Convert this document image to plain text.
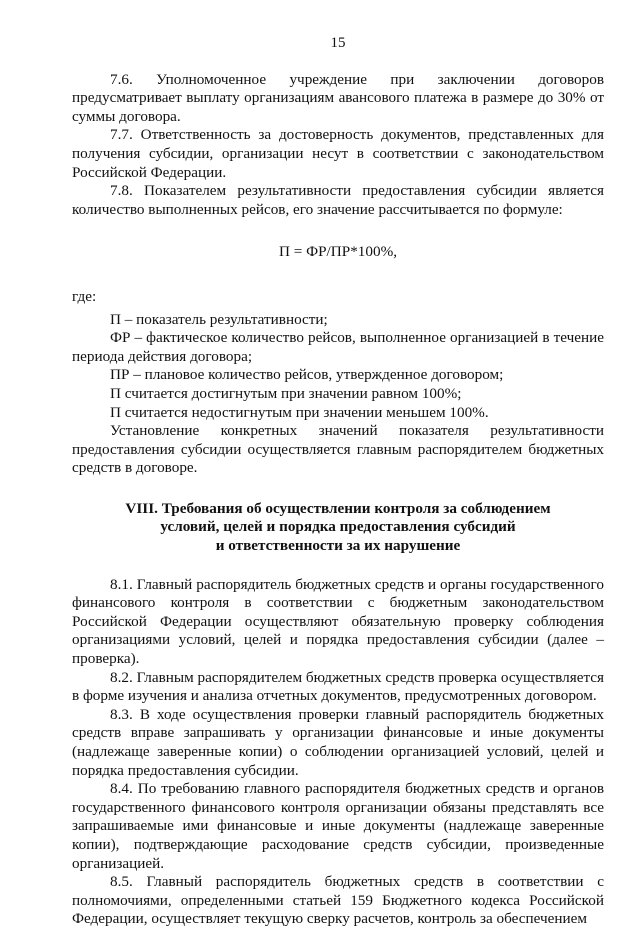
15

7.6. Уполномоченное учреждение при заключении договоров предусматривает выплату организациям авансового платежа в размере до 30% от суммы договора.

7.7. Ответственность за достоверность документов, представленных для получения субсидии, организации несут в соответствии с законодательством Российской Федерации.

7.8. Показателем результативности предоставления субсидии является количество выполненных рейсов, его значение рассчитывается по формуле:

П = ФР/ПР*100%,

где:

П – показатель результативности;

ФР – фактическое количество рейсов, выполненное организацией в течение периода действия договора;

ПР – плановое количество рейсов, утвержденное договором;

П считается достигнутым при значении равном 100%;

П считается недостигнутым при значении меньшем 100%.

Установление конкретных значений показателя результативности предоставления субсидии осуществляется главным распорядителем бюджетных средств в договоре.

VIII. Требования об осуществлении контроля за соблюдением
условий, целей и порядка предоставления субсидий
и ответственности за их нарушение

8.1. Главный распорядитель бюджетных средств и органы государственного финансового контроля в соответствии с бюджетным законодательством Российской Федерации осуществляют обязательную проверку соблюдения организациями условий, целей и порядка предоставления субсидии (далее – проверка).

8.2. Главным распорядителем бюджетных средств проверка осуществляется в форме изучения и анализа отчетных документов, предусмотренных договором.

8.3. В ходе осуществления проверки главный распорядитель бюджетных средств вправе запрашивать у организации финансовые и иные документы (надлежаще заверенные копии) о соблюдении организацией условий, целей и порядка предоставления субсидии.

8.4. По требованию главного распорядителя бюджетных средств и органов государственного финансового контроля организации обязаны представлять все запрашиваемые ими финансовые и иные документы (надлежаще заверенные копии), подтверждающие расходование средств субсидии, произведенные организацией.

8.5. Главный распорядитель бюджетных средств в соответствии с полномочиями, определенными статьей 159 Бюджетного кодекса Российской Федерации, осуществляет текущую сверку расчетов, контроль за обеспечением
